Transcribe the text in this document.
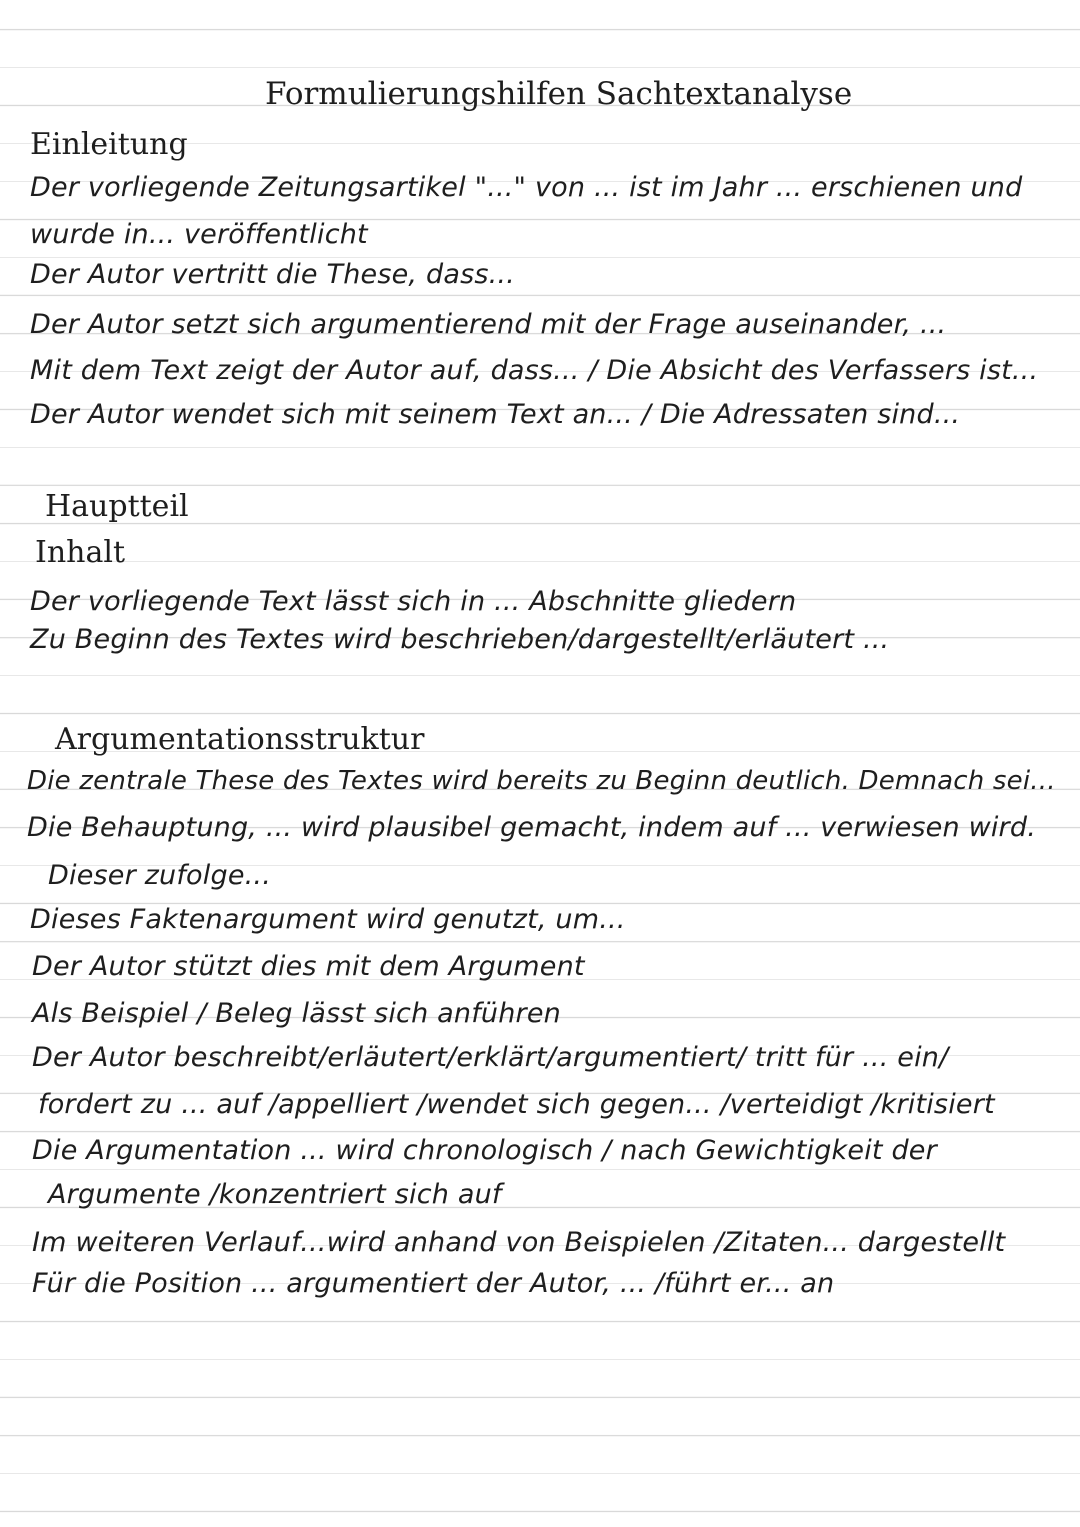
Formulierungshilfen Sachtextanalyse
Einleitung
Der vorliegende Zeitungsartikel "..." von ... ist im Jahr ... erschienen und
wurde in... veröffentlicht
Der Autor vertritt die These, dass...
Der Autor setzt sich argumentierend mit der Frage auseinander, ...
Mit dem Text zeigt der Autor auf, dass... / Die Absicht des Verfassers ist...
Der Autor wendet sich mit seinem Text an... / Die Adressaten sind...
Hauptteil
Inhalt
Der vorliegende Text lässt sich in ... Abschnitte gliedern
Zu Beginn des Textes wird beschrieben/dargestellt/erläutert ...
Argumentationsstruktur
Die zentrale These des Textes wird bereits zu Beginn deutlich. Demnach sei...
Die Behauptung, ... wird plausibel gemacht, indem auf ... verwiesen wird.
Dieser zufolge...
Dieses Faktenargument wird genutzt, um...
Der Autor stützt dies mit dem Argument
Als Beispiel / Beleg lässt sich anführen
Der Autor beschreibt/erläutert/erklärt/argumentiert/ tritt für ... ein/
fordert zu ... auf /appelliert /wendet sich gegen... /verteidigt /kritisiert
Die Argumentation ... wird chronologisch / nach Gewichtigkeit der
Argumente /konzentriert sich auf
Im weiteren Verlauf...wird anhand von Beispielen /Zitaten... dargestellt
Für die Position ... argumentiert der Autor, ... /führt er... an
